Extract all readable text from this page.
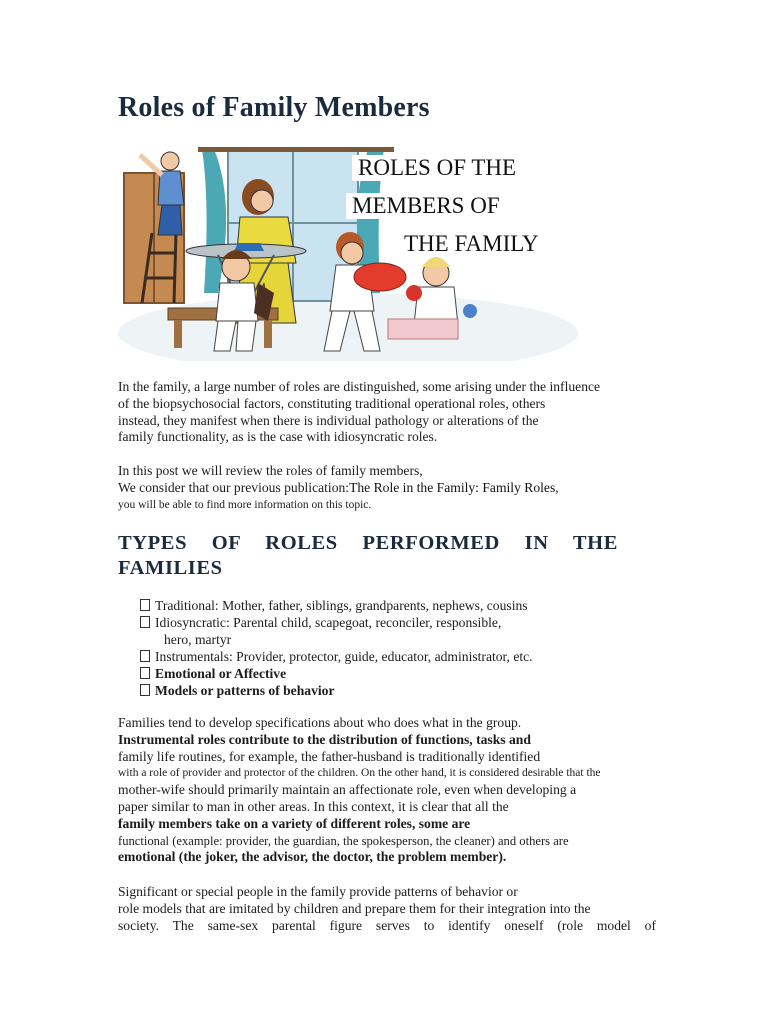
Roles of Family Members
ROLES OF THE
MEMBERS OF
THE FAMILY
In the family, a large number of roles are distinguished, some arising under the influence
of the biopsychosocial factors, constituting traditional operational roles, others
instead, they manifest when there is individual pathology or alterations of the
family functionality, as is the case with idiosyncratic roles.
In this post we will review the roles of family members,
We consider that our previous publication:The Role in the Family: Family Roles,
you will be able to find more information on this topic.
TYPES OF ROLES PERFORMED IN THE FAMILIES
Traditional: Mother, father, siblings, grandparents, nephews, cousins
Idiosyncratic: Parental child, scapegoat, reconciler, responsible,
hero, martyr
Instrumentals: Provider, protector, guide, educator, administrator, etc.
Emotional or Affective
Models or patterns of behavior
Families tend to develop specifications about who does what in the group.
Instrumental roles contribute to the distribution of functions, tasks and
family life routines, for example, the father-husband is traditionally identified
with a role of provider and protector of the children. On the other hand, it is considered desirable that the
mother-wife should primarily maintain an affectionate role, even when developing a
paper similar to man in other areas. In this context, it is clear that all the
family members take on a variety of different roles, some are
functional (example: provider, the guardian, the spokesperson, the cleaner) and others are
emotional (the joker, the advisor, the doctor, the problem member).
Significant or special people in the family provide patterns of behavior or
role models that are imitated by children and prepare them for their integration into the
society. The same-sex parental figure serves to identify oneself (role model of
